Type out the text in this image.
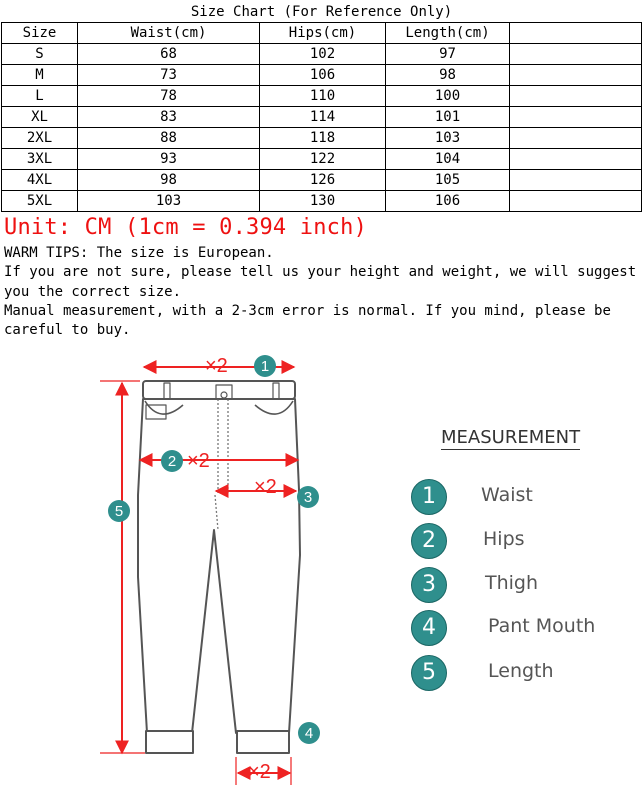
Size Chart (For Reference Only)				
Size	Waist(cm)	Hips(cm)	Length(cm)	
S	68	102	97	
M	73	106	98	
L	78	110	100	
XL	83	114	101	
2XL	88	118	103	
3XL	93	122	104	
4XL	98	126	105	
5XL	103	130	106	
Unit: CM (1cm = 0.394 inch)

WARM TIPS: The size is European.

If you are not sure, please tell us your height and weight, we will suggest you the correct size.

Manual measurement, with a 2-3cm error is normal. If you mind, please be careful to buy.

×2
×2
×2
×2
1
2
3
4
5
MEASUREMENT
1	Waist
2	Hips
3	Thigh
4	Pant Mouth
5	Length
